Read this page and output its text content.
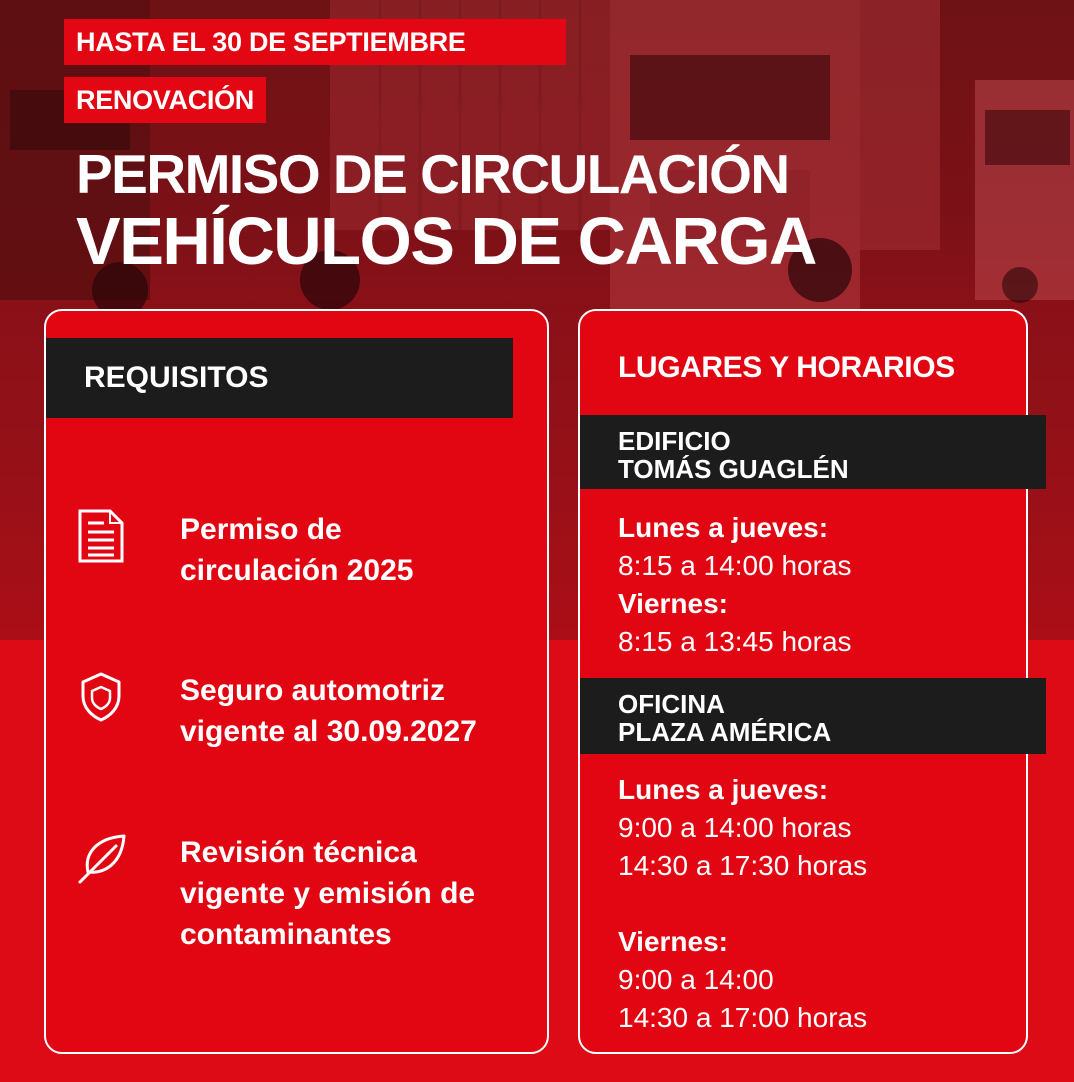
HASTA EL 30 DE SEPTIEMBRE
RENOVACIÓN
PERMISO DE CIRCULACIÓN
VEHÍCULOS DE CARGA
REQUISITOS
Permiso de
circulación 2025
Seguro automotriz
vigente al 30.09.2027
Revisión técnica
vigente y emisión de
contaminantes
LUGARES Y HORARIOS
EDIFICIO
TOMÁS GUAGLÉN
Lunes a jueves:
8:15 a 14:00 horas
Viernes:
8:15 a 13:45 horas
OFICINA
PLAZA AMÉRICA
Lunes a jueves:
9:00 a 14:00 horas
14:30 a 17:30 horas
Viernes:
9:00 a 14:00
14:30 a 17:00 horas
